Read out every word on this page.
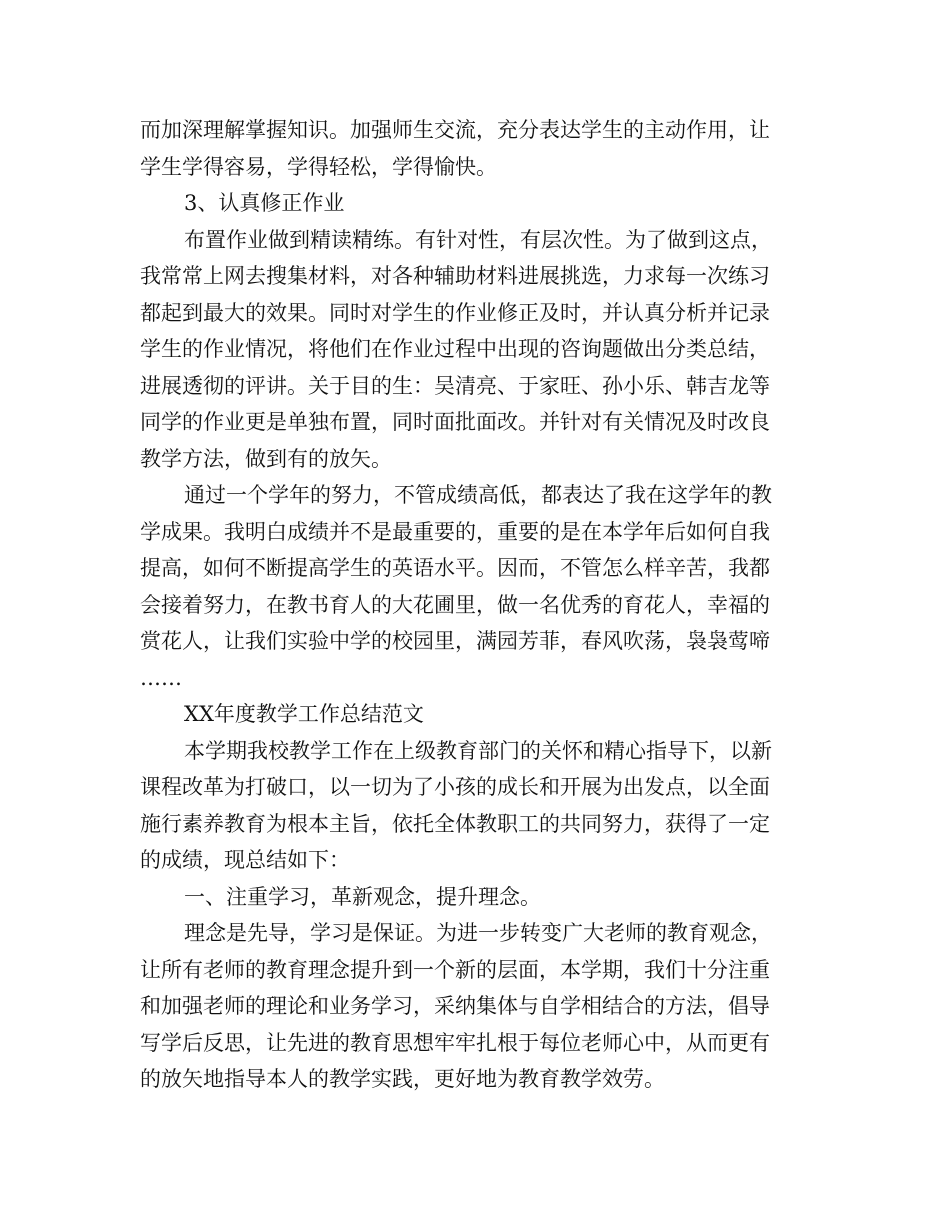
而加深理解掌握知识。加强师生交流，充分表达学生的主动作用，让
学生学得容易，学得轻松，学得愉快。
3、认真修正作业
布置作业做到精读精练。有针对性，有层次性。为了做到这点，
我常常上网去搜集材料，对各种辅助材料进展挑选，力求每一次练习
都起到最大的效果。同时对学生的作业修正及时，并认真分析并记录
学生的作业情况，将他们在作业过程中出现的咨询题做出分类总结，
进展透彻的评讲。关于目的生：吴清亮、于家旺、孙小乐、韩吉龙等
同学的作业更是单独布置，同时面批面改。并针对有关情况及时改良
教学方法，做到有的放矢。
通过一个学年的努力，不管成绩高低，都表达了我在这学年的教
学成果。我明白成绩并不是最重要的，重要的是在本学年后如何自我
提高，如何不断提高学生的英语水平。因而，不管怎么样辛苦，我都
会接着努力，在教书育人的大花圃里，做一名优秀的育花人，幸福的
赏花人，让我们实验中学的校园里，满园芳菲，春风吹荡，袅袅莺啼
……
XX年度教学工作总结范文
本学期我校教学工作在上级教育部门的关怀和精心指导下，以新
课程改革为打破口，以一切为了小孩的成长和开展为出发点，以全面
施行素养教育为根本主旨，依托全体教职工的共同努力，获得了一定
的成绩，现总结如下：
一、注重学习，革新观念，提升理念。
理念是先导，学习是保证。为进一步转变广大老师的教育观念，
让所有老师的教育理念提升到一个新的层面，本学期，我们十分注重
和加强老师的理论和业务学习，采纳集体与自学相结合的方法，倡导
写学后反思，让先进的教育思想牢牢扎根于每位老师心中，从而更有
的放矢地指导本人的教学实践，更好地为教育教学效劳。
